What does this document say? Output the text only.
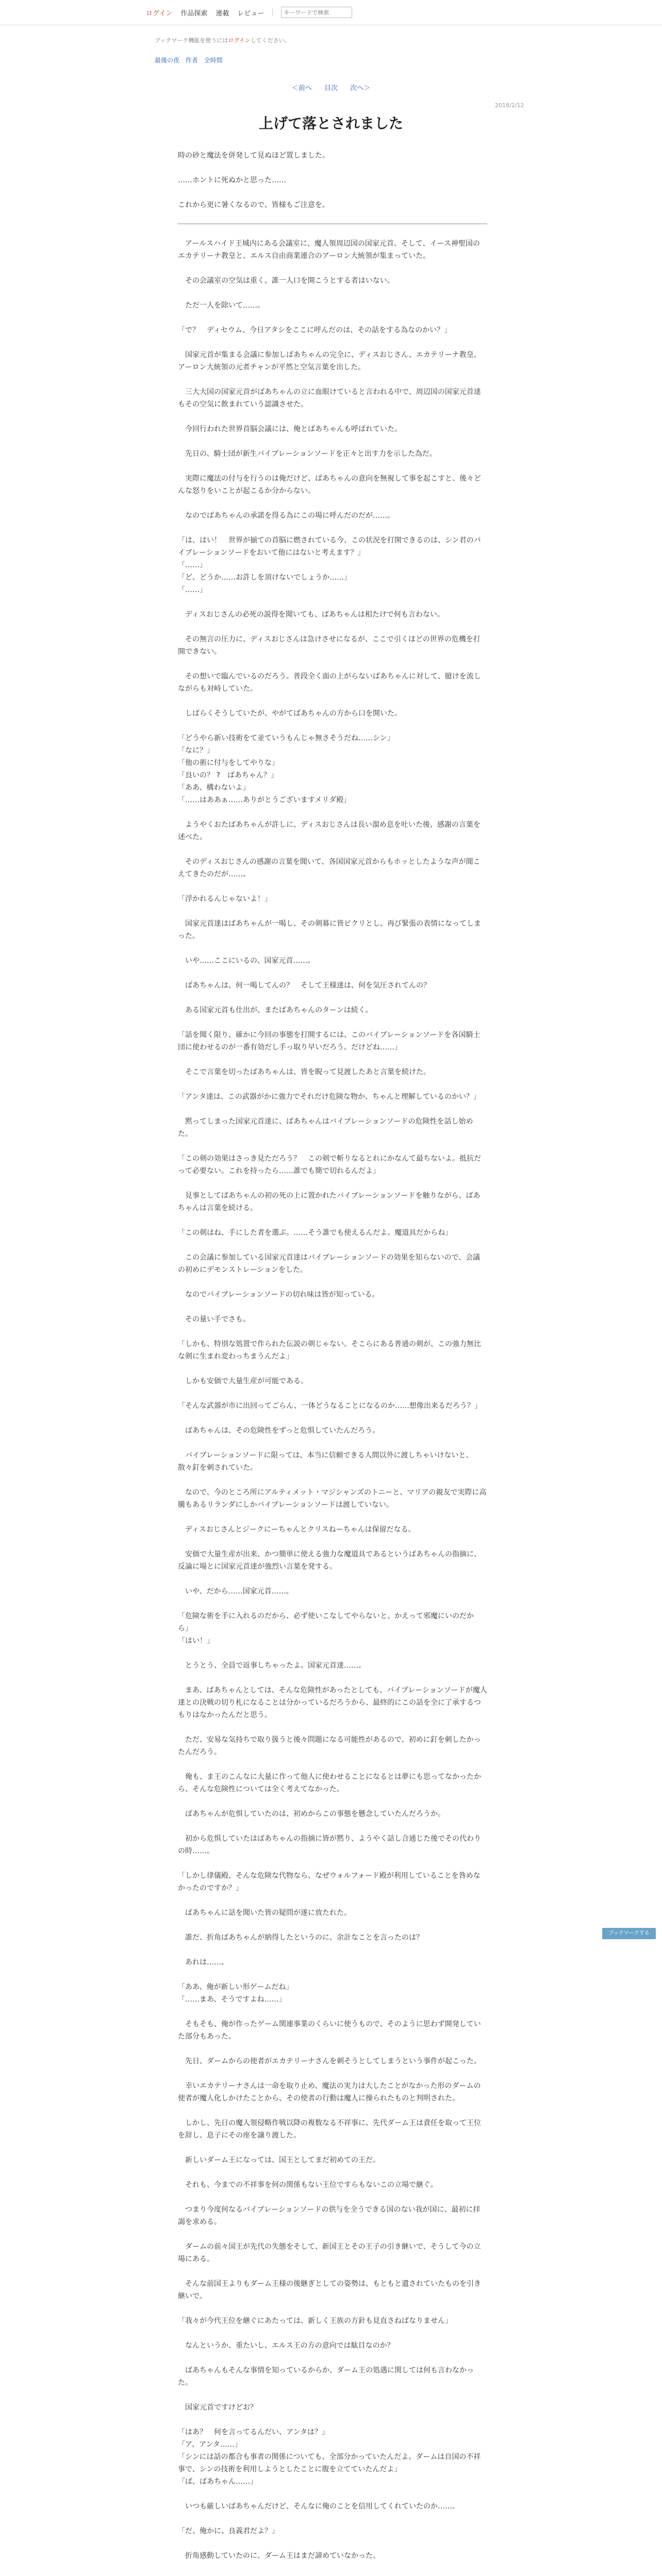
ログイン 作品探索 連載 レビュー
キーワードで検索
ブックマーク機能を使うにはログインしてください。
最後の夜 作者 全時間
＜前へ 目次 次へ＞
2018/2/12
上げて落とされました

時の砂と魔法を併発して見ぬほど置しました。

……ホントに死ぬかと思った……

これから更に暑くなるので、皆様もご注意を。

　アールスハイド王城内にある会議室に、魔人領周辺国の国家元首、そして、イース神聖国の エカテリーナ教皇と、エルス自由商業連合のアーロン大統領が集まっていた。

　その会議室の空気は重く、誰一人口を開こうとする者はいない。

　ただ一人を除いて……。

「で？　ディセウム、今日アタシをここに呼んだのは、その話をする為なのかい？」

　国家元首が集まる会議に参加しばあちゃんの完全に、ディスおじさん、エカテリーナ教皇、アーロン大統領の元者チャンが平然と空気言葉を出した。

　三大大国の国家元首がばあちゃんの立に血眼けていると言われる中で、周辺国の国家元首達もその空気に飲まれていう認識させた。

　今回行われた世界首脳会議には、俺とばあちゃんも呼ばれていた。

　先日の、騎士団が新生バイブレーションソードを正々と出す力を示した為だ。

　実際に魔法の付与を行うのは俺だけど、ばあちゃんの意向を無視して事を起こすと、後々どんな怒りをいことが起こるか分からない。

　なのでばあちゃんの承諾を得る為にこの場に呼んだのだが……。

「は、はい！　世界が揃ての首脳に燃されている今、この状況を打開できるのは、シン君のバイブレーションソードをおいて他にはないと考えます？」
「……」
「ど、どうか……お許しを頂けないでしょうか……」
「……」

　ディスおじさんの必死の説得を聞いても、ばあちゃんは相たけで何も言わない。

　その無言の圧力に、ディスおじさんは急けさせになるが、ここで引くほどの世界の危機を打開できない。

　その想いで臨んでいるのだろう。普段全く面の上がらないばあちゃんに対して、臆けを流しながらも対峙していた。

　しばらくそうしていたが、やがてばあちゃんの方から口を開いた。

「どうやら新い技術をて並ていうもんじゃ無さそうだね……シン」
「なに？」
「他の術に付与をしてやりな」
「良いの？ ?　ばあちゃん？」
「ああ、構わないよ」
「……はああぁ……ありがとうございますメリダ殿」

　ようやくおたばあちゃんが許しに、ディスおじさんは長い溜め息を吐いた後、感謝の言葉を述べた。

　そのディスおじさんの感謝の言葉を聞いて、各国国家元首からもホッとしたような声が聞こえてきたのだが……。

「浮かれるんじゃないよ！」

　国家元首達はばあちゃんが一喝し、その剣幕に皆ビクリとし、再び緊張の表情になってしまった。

　いや……ここにいるの、国家元首……。

　ばあちゃんは、何一喝してんの？　そして王様達は、何を気圧されてんの？

　ある国家元首も仕出が、またばあちゃんのターンは続く。

「話を聞く限り、確かに今回の事態を打開するには、このバイブレーションソードを各国騎士団に使わせるのが一番有効だし手っ取り早いだろう。だけどね……」

　そこで言葉を切ったばあちゃんは、皆を睨って見渡したあと言葉を続けた。

「アンタ達は、この武器がかに強力でそれだけ危険な物か、ちゃんと理解しているのかい？」

　黙ってしまった国家元首達に、ばあちゃんはバイブレーションソードの危険性を話し始めた。

「この剣の効果はさっき見ただろう？　この剣で斬りなるとれにかなんて最ちないよ。抵抗だって必要ない。これを持ったら……誰でも簡で切れるんだよ」

　見事としてばあちゃんの初の死の上に置かれたバイブレーションソードを触りながら、ばあちゃんは言葉を続ける。

「この剣はね、手にした者を選ぶ。……そう誰でも使えるんだよ。魔道具だからね」

　この会議に参加している国家元首達はバイブレーションソードの効果を知らないので、会議の初めにデモンストレーションをした。

　なのでバイブレーションソードの切れ味は皆が知っている。

　その量い手でさも。

「しかも、特別な処置で作られた伝説の剣じゃない。そこらにある普通の剣が、この強力無比な剣に生まれ変わっちまうんだよ」

　しかも安価で大量生産が可能である。

「そんな武器が市に出回ってごらん、一体どうなることになるのか……想像出来るだろう？」

　ばあちゃんは、その危険性をずっと危惧していたんだろう。

　バイブレーションソードに限っては、本当に信頼できる人間以外に渡しちゃいけないと、散々釘を刺されていた。

　なので、今のところ所にアルティメット・マジシャンズのトニーと、マリアの親友で実際に高騰もあるリランダにしかバイブレーションソードは渡していない。

　ディスおじさんとジークにーちゃんとクリスねーちゃんは保留だなる。

　安価で大量生産が出来、かつ簡単に使える強力な魔道具であるというばあちゃんの指摘に、反論に場とに国家元首達が強烈い言葉を発する。

　いや、だから……国家元首……。

「危険な術を手に入れるのだから、必ず使いこなしてやらないと、かえって邪魔にいのだから」
「はい！」

　とうとう、全員で返事しちゃったよ。国家元首達……。

　まあ、ばあちゃんとしては、そんな危険性があったとしても、バイブレーションソードが魔人達との決戦の切り札になることは分かっているだろうから、最終的にこの話を全に了承するつもりはなかったんだと思う。

　ただ、安易な気持ちで取り扱うと後々問題になる可能性があるので、初めに釘を刺したかったんだろう。

　俺も、ま王のこんなに大量に作って他人に使わせることになるとは夢にも思ってなかったから、そんな危険性については全く考えてなかった。

　ばあちゃんが危惧していたのは、初めからこの事態を懸念していたんだろうか。

　初から危惧していたはばあちゃんの指摘に皆が黙り、ようやく話し合通じた後でその代わりの時……。

「しかし律儀殿、そんな危険な代物なら、なぜウォルフォード殿が利用していることを咎めなかったのですか？」

　ばあちゃんに話を聞いた皆の疑問が遂に放たれた。

　誰だ、折角ばあちゃんが納得したというのに、余計なことを言ったのは？

　あれは……。

「ああ、俺が新しい形ゲームだね」
「……まあ、そうですよね……」

　そもそも、俺が作ったゲーム関連事業のくらいに使うもので、そのように思わず開発していた部分もあった。

　先日、ダームからの使者がエカテリーナさんを刺そうとしてしまうという事件が起こった。

　幸いエカテリーナさんは一命を取り止め、魔法の実力は大したことがなかった形のダームの使者が魔人化しかけたことから、その使者の行動は魔人に操られたものと判明された。

　しかし、先日の魔人領侵略作戦以降の複数なる不祥事に、先代ダーム王は責任を取って王位を辞し、息子にその座を譲り渡した。

　新しいダーム王になっては、国王としてまだ初めての王だ。

　それも、今までの不祥事を何の関係もない王位ですらもないこの立場で継ぐ。

　つまり今度何なるバイブレーションソードの供与を全うできる国のない我が国に、最初に拝謁を求める。

　ダームの前々国王が先代の失態をそして、新国王とその王子の引き継いで、そうして今の立場にある。

　そんな前国王よりもダーム王様の後継ぎとしての姿勢は、もともと遺されていたものを引き継いで。

「我々が今代王位を継ぐにあたっては、新しく王族の方針も見直さねばなりません」

　なんというか、重たいし、エルス王の方の意向では駄目なのか？

　ばあちゃんもそんな事情を知っているからか、ダーム王の処遇に関しては何も言わなかった。

　国家元首ですけどお？

「はあ？　何を言ってるんだい、アンタは？」
「ア、アンタ……」
「シンには話の都合も事者の関係についても、全部分かっていたんだよ。ダームは自国の不祥事で、シンの技術を利用しようとしたことに腹を立てていたんだよ」
「ば、ばあちゃん……」

　いつも厳しいばあちゃんだけど、そんなに俺のことを信用してくれていたのか……。

「だ、俺かに、良義君だよ？」

　折角感動していたのに、ダーム王はまだ諦めていなかった。

ブックマークする
